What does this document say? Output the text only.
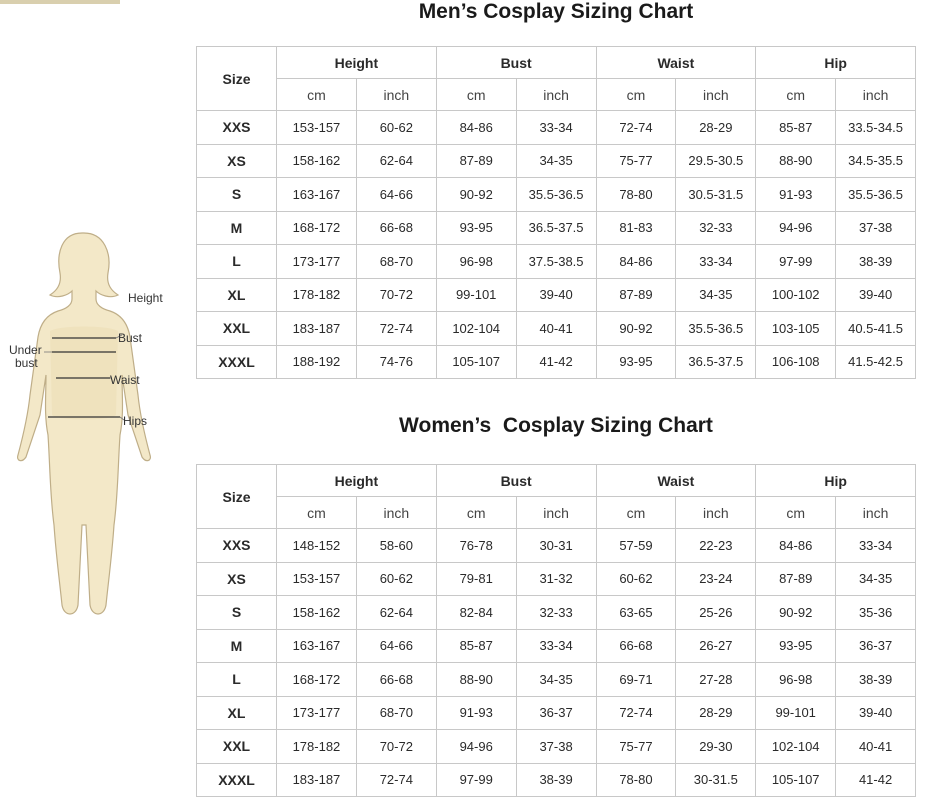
Height
Bust
Under
bust
Waist
Hips
Men’s Cosplay Sizing Chart
Size	Height		Bust		Waist		Hip	
	cm	inch	cm	inch	cm	inch	cm	inch
XXS	153-157	60-62	84-86	33-34	72-74	28-29	85-87	33.5-34.5
XS	158-162	62-64	87-89	34-35	75-77	29.5-30.5	88-90	34.5-35.5
S	163-167	64-66	90-92	35.5-36.5	78-80	30.5-31.5	91-93	35.5-36.5
M	168-172	66-68	93-95	36.5-37.5	81-83	32-33	94-96	37-38
L	173-177	68-70	96-98	37.5-38.5	84-86	33-34	97-99	38-39
XL	178-182	70-72	99-101	39-40	87-89	34-35	100-102	39-40
XXL	183-187	72-74	102-104	40-41	90-92	35.5-36.5	103-105	40.5-41.5
XXXL	188-192	74-76	105-107	41-42	93-95	36.5-37.5	106-108	41.5-42.5
Women’s  Cosplay Sizing Chart
Size	Height		Bust		Waist		Hip	
	cm	inch	cm	inch	cm	inch	cm	inch
XXS	148-152	58-60	76-78	30-31	57-59	22-23	84-86	33-34
XS	153-157	60-62	79-81	31-32	60-62	23-24	87-89	34-35
S	158-162	62-64	82-84	32-33	63-65	25-26	90-92	35-36
M	163-167	64-66	85-87	33-34	66-68	26-27	93-95	36-37
L	168-172	66-68	88-90	34-35	69-71	27-28	96-98	38-39
XL	173-177	68-70	91-93	36-37	72-74	28-29	99-101	39-40
XXL	178-182	70-72	94-96	37-38	75-77	29-30	102-104	40-41
XXXL	183-187	72-74	97-99	38-39	78-80	30-31.5	105-107	41-42
